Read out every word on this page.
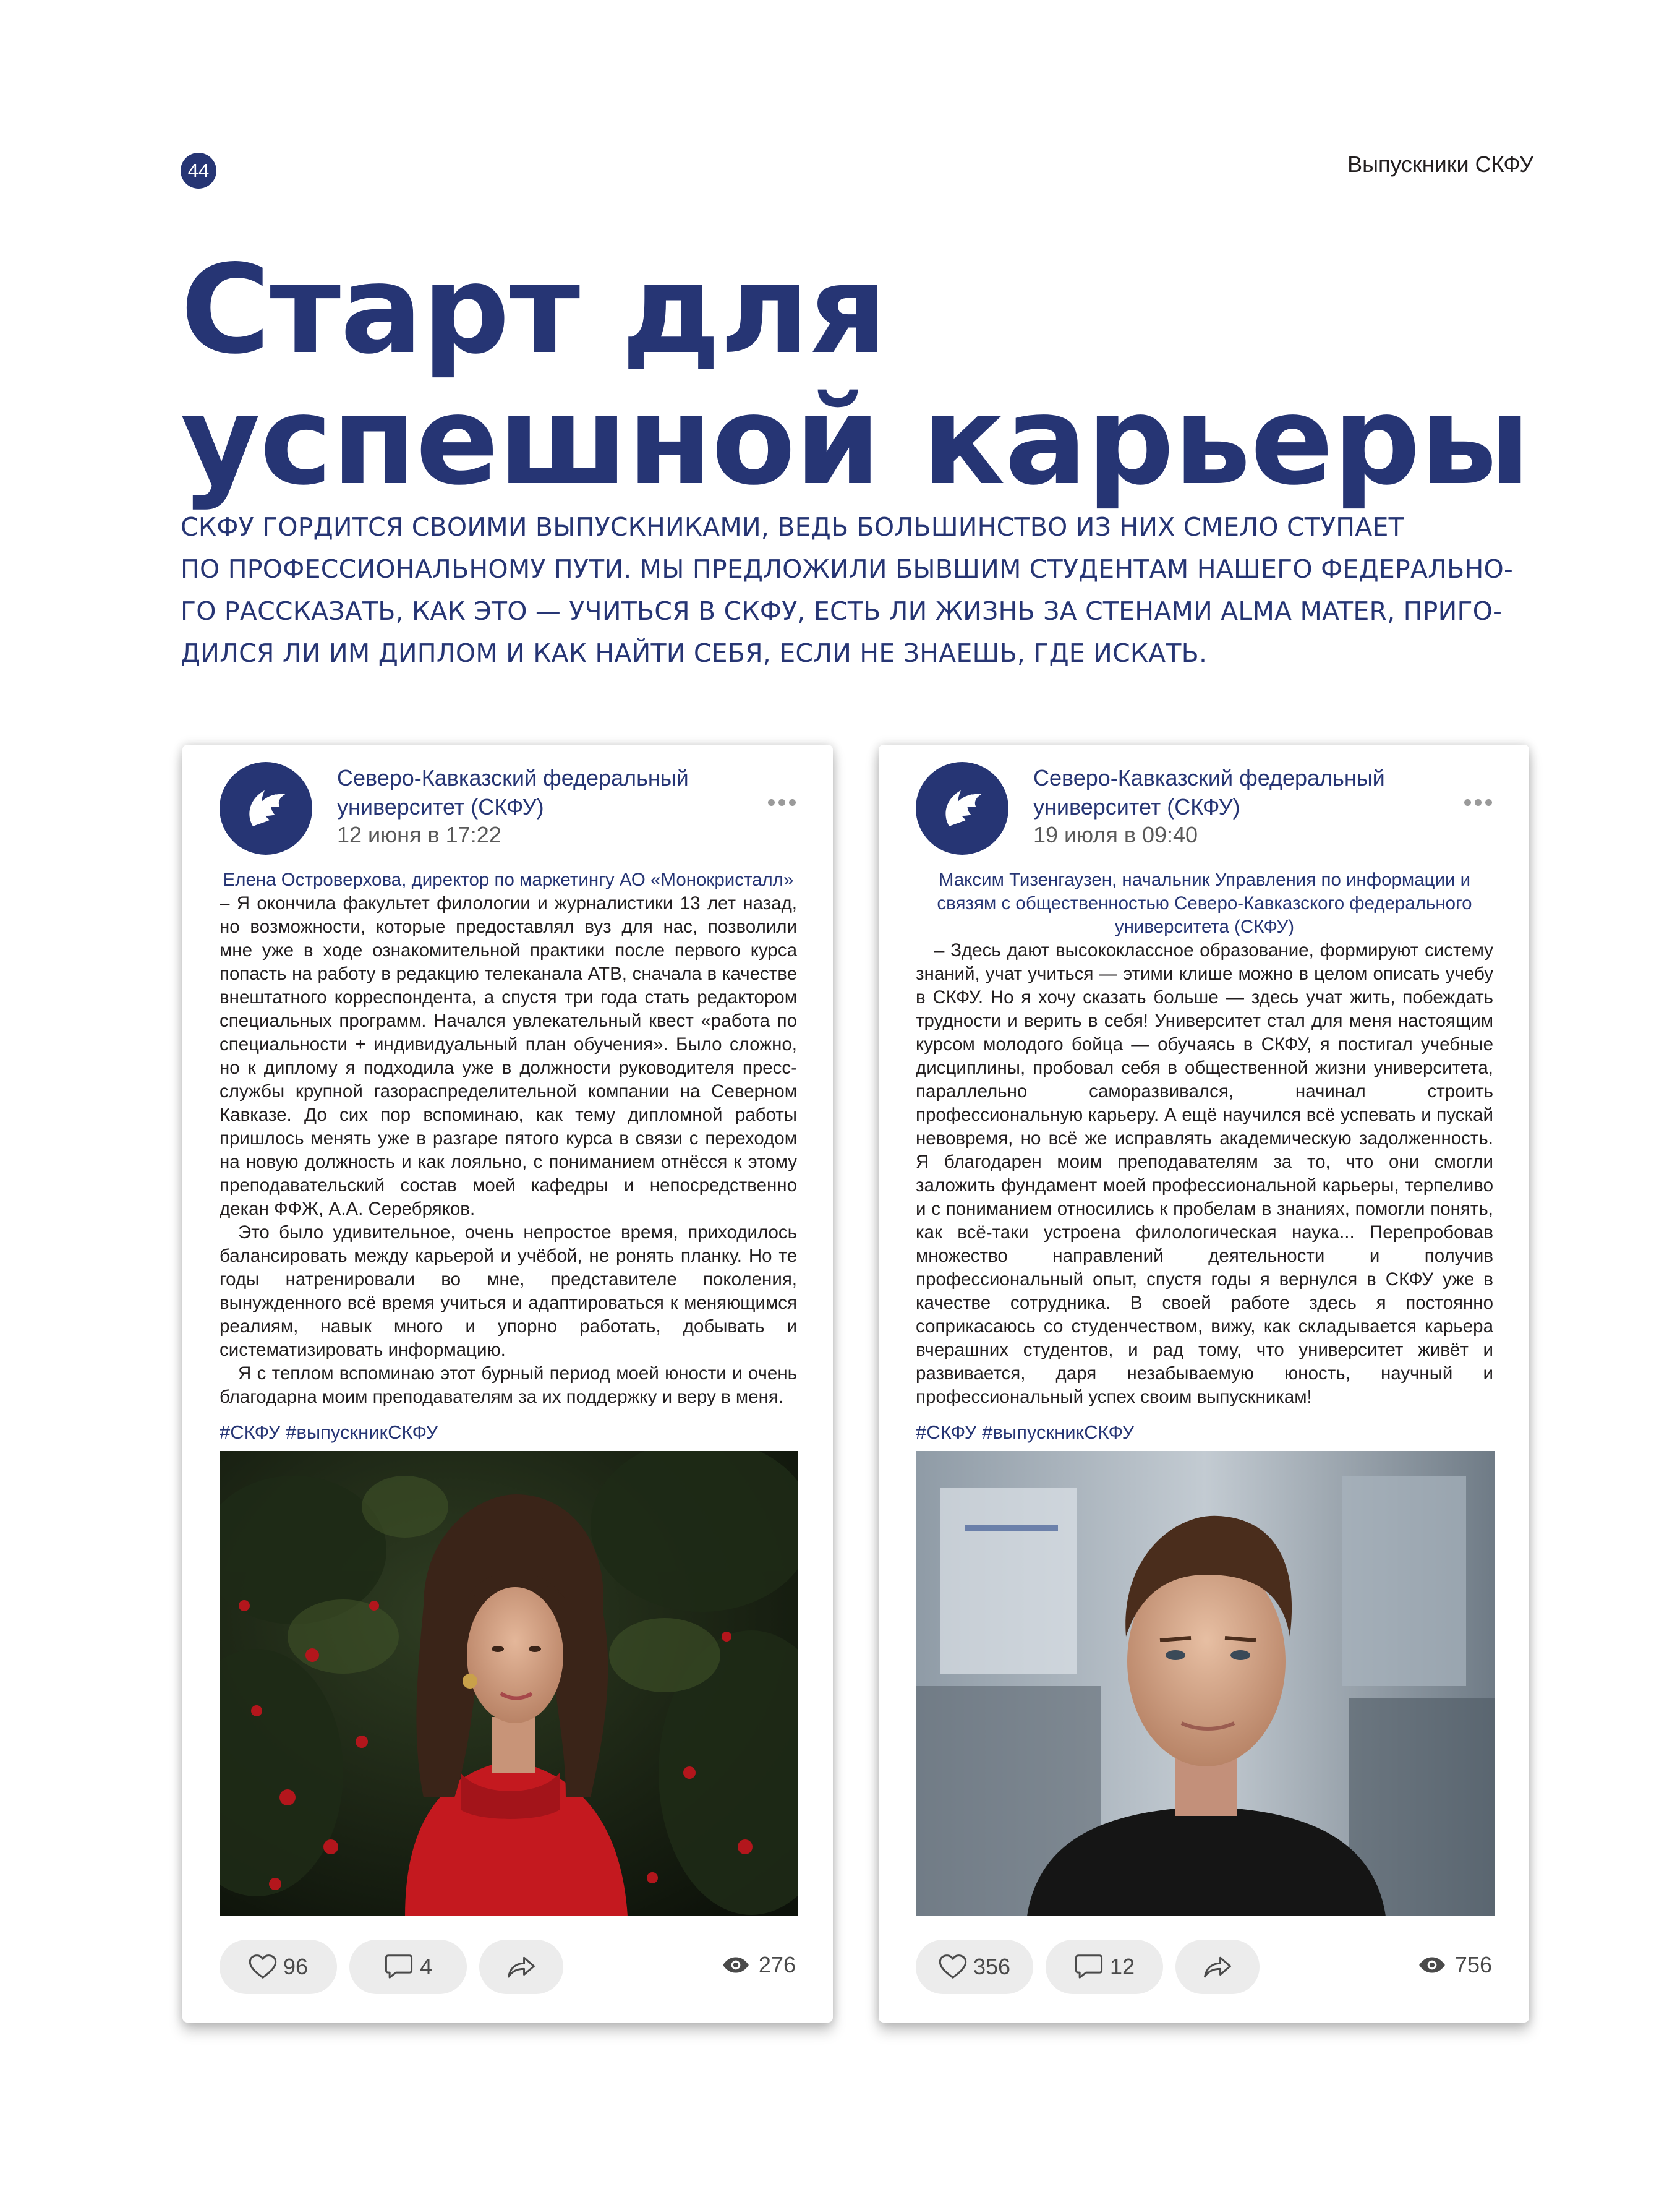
44	Выпускники СКФУ
Старт для успешной карьеры
СКФУ ГОРДИТСЯ СВОИМИ ВЫПУСКНИКАМИ, ВЕДЬ БОЛЬШИНСТВО ИЗ НИХ СМЕЛО СТУПАЕТ
ПО ПРОФЕССИОНАЛЬНОМУ ПУТИ. МЫ ПРЕДЛОЖИЛИ БЫВШИМ СТУДЕНТАМ НАШЕГО ФЕДЕРАЛЬНО-
ГО РАССКАЗАТЬ, КАК ЭТО — УЧИТЬСЯ В СКФУ, ЕСТЬ ЛИ ЖИЗНЬ ЗА СТЕНАМИ ALMA MATER, ПРИГО-
ДИЛСЯ ЛИ ИМ ДИПЛОМ И КАК НАЙТИ СЕБЯ, ЕСЛИ НЕ ЗНАЕШЬ, ГДЕ ИСКАТЬ.
Северо-Кавказский федеральный университет (СКФУ)
12 июня в 17:22
Елена Островерхова, директор по маркетингу АО «Монокристалл»

– Я окончила факультет филологии и журналистики 13 лет назад, но возможности, которые предоставлял вуз для нас, позволили мне уже в ходе ознакомительной практики после первого курса попасть на работу в редакцию телеканала АТВ, сначала в качестве внештатного корреспондента, а спустя три года стать редактором специальных программ. Начался увлекательный квест «работа по специальности + индивидуальный план обучения». Было сложно, но к диплому я подходила уже в должности руководителя пресс-службы крупной газораспределительной компании на Северном Кавказе. До сих пор вспоминаю, как тему дипломной работы пришлось менять уже в разгаре пятого курса в связи с переходом на новую должность и как лояльно, с пониманием отнёсся к этому преподавательский состав моей кафедры и непосредственно декан ФФЖ, А.А. Серебряков.

Это было удивительное, очень непростое время, приходилось балансировать между карьерой и учёбой, не ронять планку. Но те годы натренировали во мне, представителе поколения, вынужденного всё время учиться и адаптироваться к меняющимся реалиям, навык много и упорно работать, добывать и систематизировать информацию.

Я с теплом вспоминаю этот бурный период моей юности и очень благодарна моим преподавателям за их поддержку и веру в меня.

#СКФУ #выпускникСКФУ
96	4	276
Северо-Кавказский федеральный университет (СКФУ)
19 июля в 09:40
Максим Тизенгаузен, начальник Управления по информации и связям с общественностью Северо-Кавказского федерального университета (СКФУ)

– Здесь дают высококлассное образование, формируют систему знаний, учат учиться — этими клише можно в целом описать учебу в СКФУ. Но я хочу сказать больше — здесь учат жить, побеждать трудности и верить в себя! Университет стал для меня настоящим курсом молодого бойца — обучаясь в СКФУ, я постигал учебные дисциплины, пробовал себя в общественной жизни университета, параллельно саморазвивался, начинал строить профессиональную карьеру. А ещё научился всё успевать и пускай невовремя, но всё же исправлять академическую задолженность. Я благодарен моим преподавателям за то, что они смогли заложить фундамент моей профессиональной карьеры, терпеливо и с пониманием относились к пробелам в знаниях, помогли понять, как всё-таки устроена филологическая наука... Перепробовав множество направлений деятельности и получив профессиональный опыт, спустя годы я вернулся в СКФУ уже в качестве сотрудника. В своей работе здесь я постоянно соприкасаюсь со студенчеством, вижу, как складывается карьера вчерашних студентов, и рад тому, что университет живёт и развивается, даря незабываемую юность, научный и профессиональный успех своим выпускникам!

#СКФУ #выпускникСКФУ
356	12	756
